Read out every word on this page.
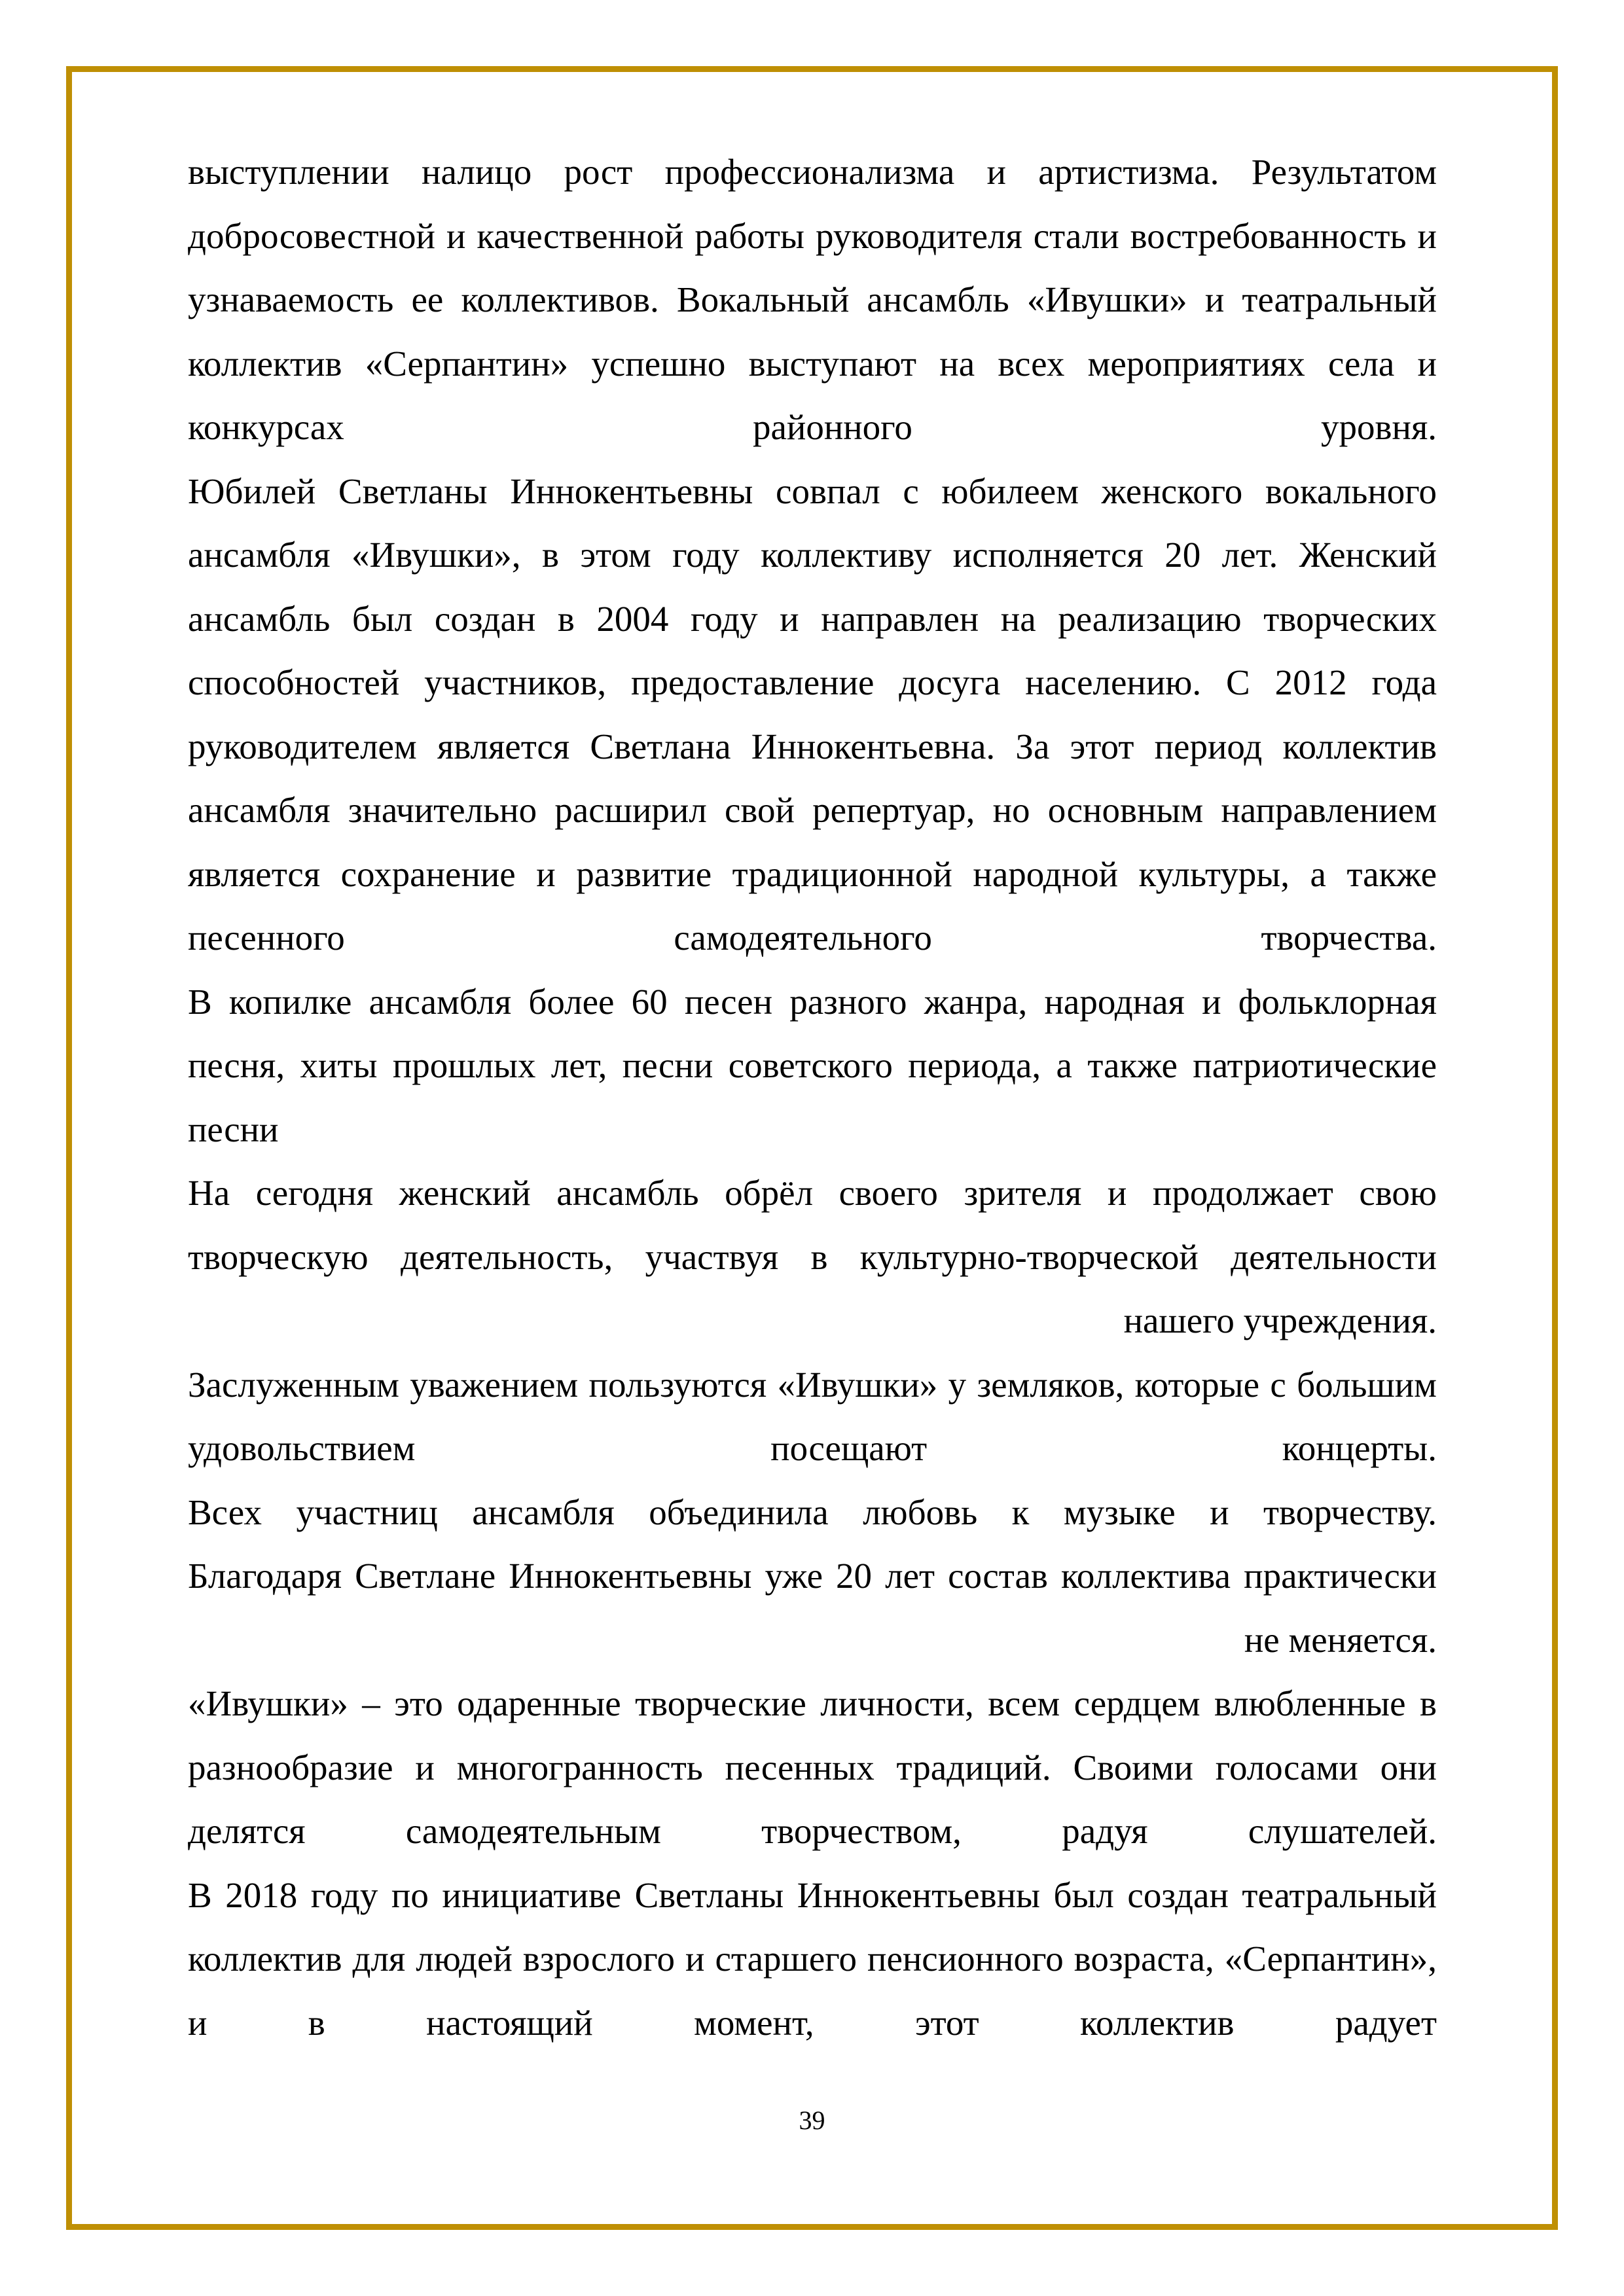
выступлении налицо рост профессионализма и артистизма. Результатом добросовестной и качественной работы руководителя стали востребованность и узнаваемость ее коллективов. Вокальный ансамбль «Ивушки» и театральный коллектив «Серпантин» успешно выступают на всех мероприятиях села и конкурсах районного уровня.

Юбилей Светланы Иннокентьевны совпал с юбилеем женского вокального ансамбля «Ивушки», в этом году коллективу исполняется 20 лет. Женский ансамбль был создан в 2004 году и направлен на реализацию творческих способностей участников, предоставление досуга населению. С 2012 года руководителем является Светлана Иннокентьевна. За этот период коллектив ансамбля значительно расширил свой репертуар, но основным направлением является сохранение и развитие традиционной народной культуры, а также песенного самодеятельного творчества.

В копилке ансамбля более 60 песен разного жанра, народная и фольклорная песня, хиты прошлых лет, песни советского периода, а также патриотические песни

На сегодня женский ансамбль обрёл своего зрителя и продолжает свою творческую деятельность, участвуя в культурно-творческой деятельности нашего учреждения.

Заслуженным уважением пользуются «Ивушки» у земляков, которые с большим удовольствием посещают концерты.

Всех участниц ансамбля объединила любовь к музыке и творчеству.

Благодаря Светлане Иннокентьевны уже 20 лет состав коллектива практически не меняется.

«Ивушки» – это одаренные творческие личности, всем сердцем влюбленные в разнообразие и многогранность песенных традиций. Своими голосами они делятся самодеятельным творчеством, радуя слушателей.

В 2018 году по инициативе Светланы Иннокентьевны был создан театральный коллектив для людей взрослого и старшего пенсионного возраста, «Серпантин», и в настоящий момент, этот коллектив радует

39
